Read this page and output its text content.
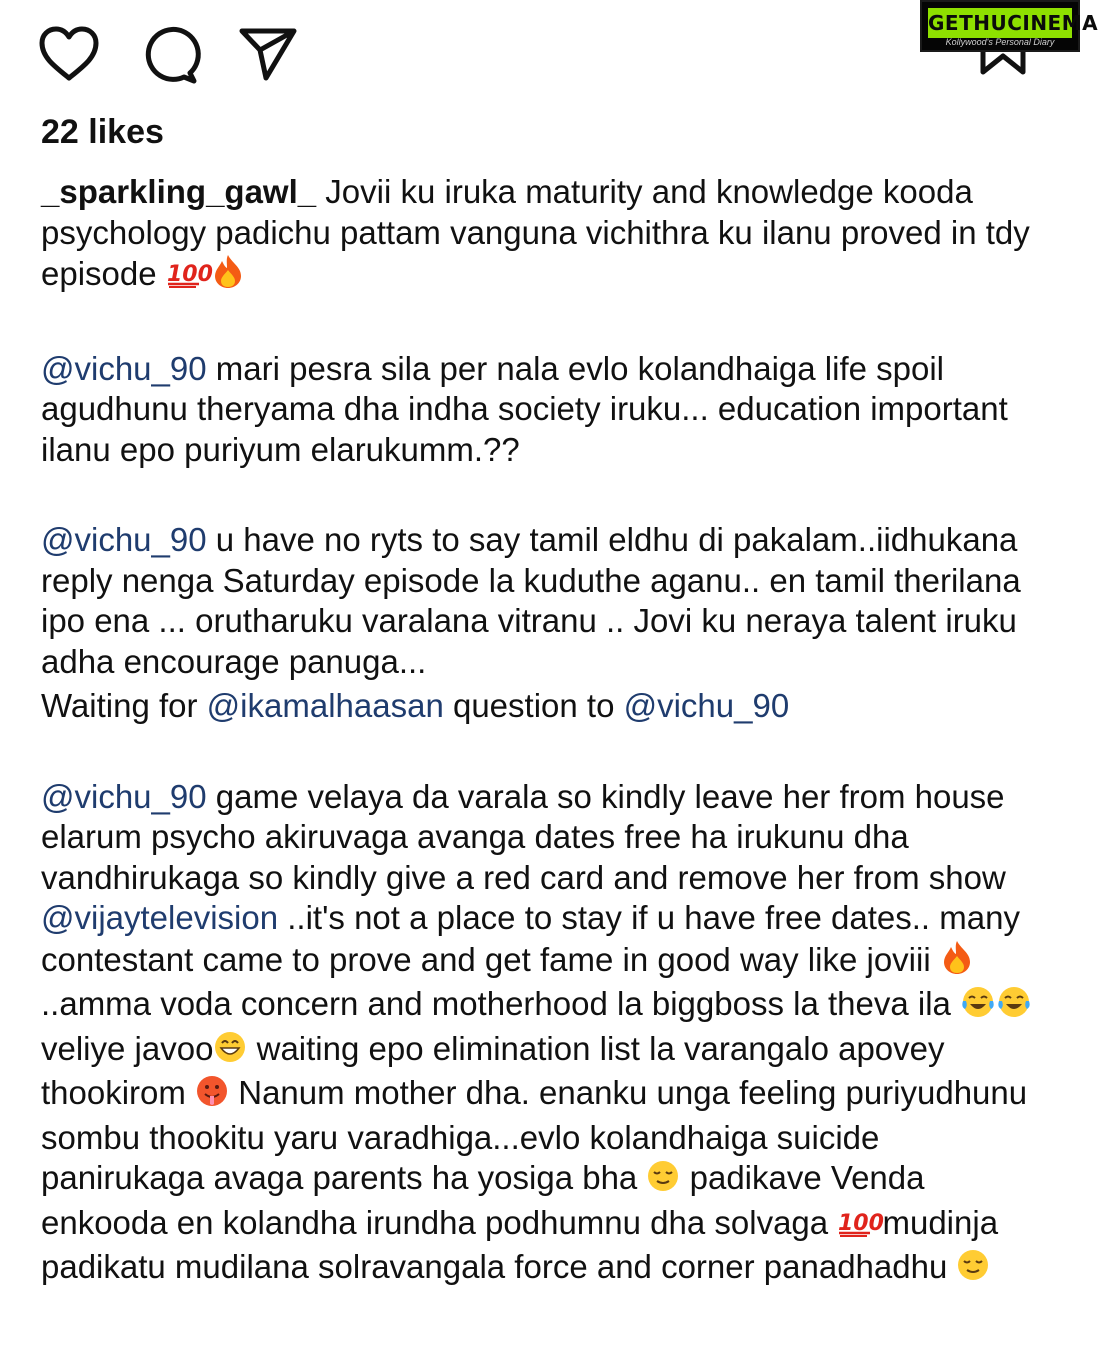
GETHUCINEMA
Kollywood's Personal Diary
22 likes

_sparkling_gawl_ Jovii ku iruka maturity and knowledge kooda psychology padichu pattam vanguna vichithra ku ilanu proved in tdy episode 100

@vichu_90 mari pesra sila per nala evlo kolandhaiga life spoil agudhunu theryama dha indha society iruku... education important ilanu epo puriyum elarukumm.??

@vichu_90 u have no ryts to say tamil eldhu di pakalam..iidhukana reply nenga Saturday episode la kuduthe aganu.. en tamil therilana ipo ena ... orutharuku varalana vitranu .. Jovi ku neraya talent iruku adha encourage panuga...

Waiting for @ikamalhaasan question to @vichu_90

@vichu_90 game velaya da varala so kindly leave her from house elarum psycho akiruvaga avanga dates free ha irukunu dha vandhirukaga so kindly give a red card and remove her from show @vijaytelevision ..it's not a place to stay if u have free dates.. many contestant came to prove and get fame in good way like joviii  ..amma voda concern and motherhood la biggboss la theva ila  veliye javoo waiting epo elimination list la varangalo apovey thookirom  Nanum mother dha. enanku unga feeling puriyudhunu sombu thookitu yaru varadhiga...evlo kolandhaiga suicide panirukaga avaga parents ha yosiga bha  padikave Venda enkooda en kolandha irundha podhumnu dha solvaga 100
mudinja padikatu mudilana solravangala force and corner panadhadhu
